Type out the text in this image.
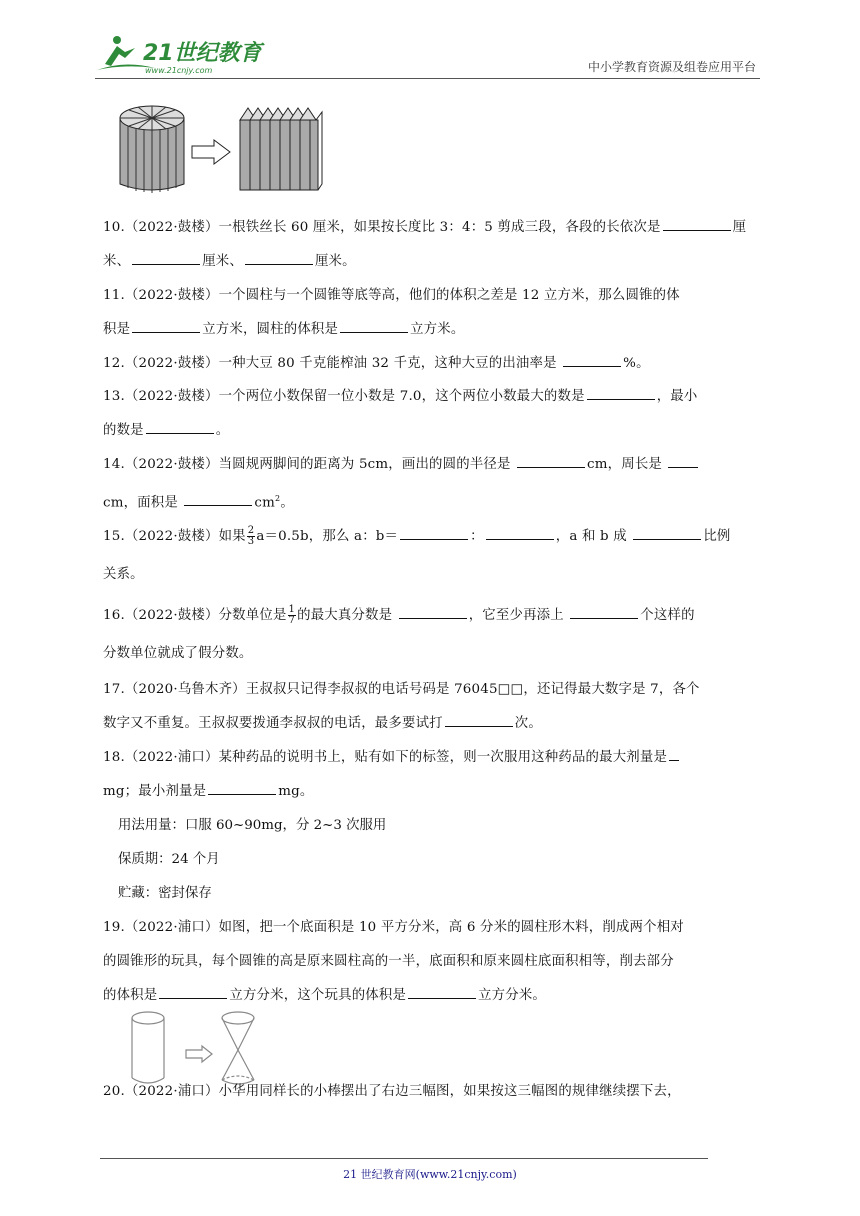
21世纪教育
www.21cnjy.com	中小学教育资源及组卷应用平台

10.（2022·鼓楼）一根铁丝长 60 厘米，如果按长度比 3：4：5 剪成三段，各段的长依次是	厘

米、	厘米、	厘米。

11.（2022·鼓楼）一个圆柱与一个圆锥等底等高，他们的体积之差是 12 立方米，那么圆锥的体

积是	立方米，圆柱的体积是	立方米。

12.（2022·鼓楼）一种大豆 80 千克能榨油 32 千克，这种大豆的出油率是	%。

13.（2022·鼓楼）一个两位小数保留一位小数是 7.0，这个两位小数最大的数是	，最小

的数是	。

14.（2022·鼓楼）当圆规两脚间的距离为 5cm，画出的圆的半径是	cm，周长是

cm，面积是	$cm^2$。

15.（2022·鼓楼）如果 $\frac{2}{3} a=0.5b$，那么 a：b＝	：	，a 和 b 成	比例

关系。

16.（2022·鼓楼）分数单位是 $\frac{1}{7}$ 的最大真分数是	，它至少再添上	个这样的

分数单位就成了假分数。

17.（2020·乌鲁木齐）王叔叔只记得李叔叔的电话号码是 76045□□，还记得最大数字是 7，各个

数字又不重复。王叔叔要拨通李叔叔的电话，最多要试打	次。

18.（2022·浦口）某种药品的说明书上，贴有如下的标签，则一次服用这种药品的最大剂量是

mg；最小剂量是	mg。

用法用量：口服 60~90mg，分 2~3 次服用
保质期：24 个月
贮藏：密封保存

19.（2022·浦口）如图，把一个底面积是 10 平方分米，高 6 分米的圆柱形木料，削成两个相对

的圆锥形的玩具，每个圆锥的高是原来圆柱高的一半，底面积和原来圆柱底面积相等，削去部分

的体积是	立方分米，这个玩具的体积是	立方分米。

20.（2022·浦口）小华用同样长的小棒摆出了右边三幅图，如果按这三幅图的规律继续摆下去，

21 世纪教育网(www.21cnjy.com)
